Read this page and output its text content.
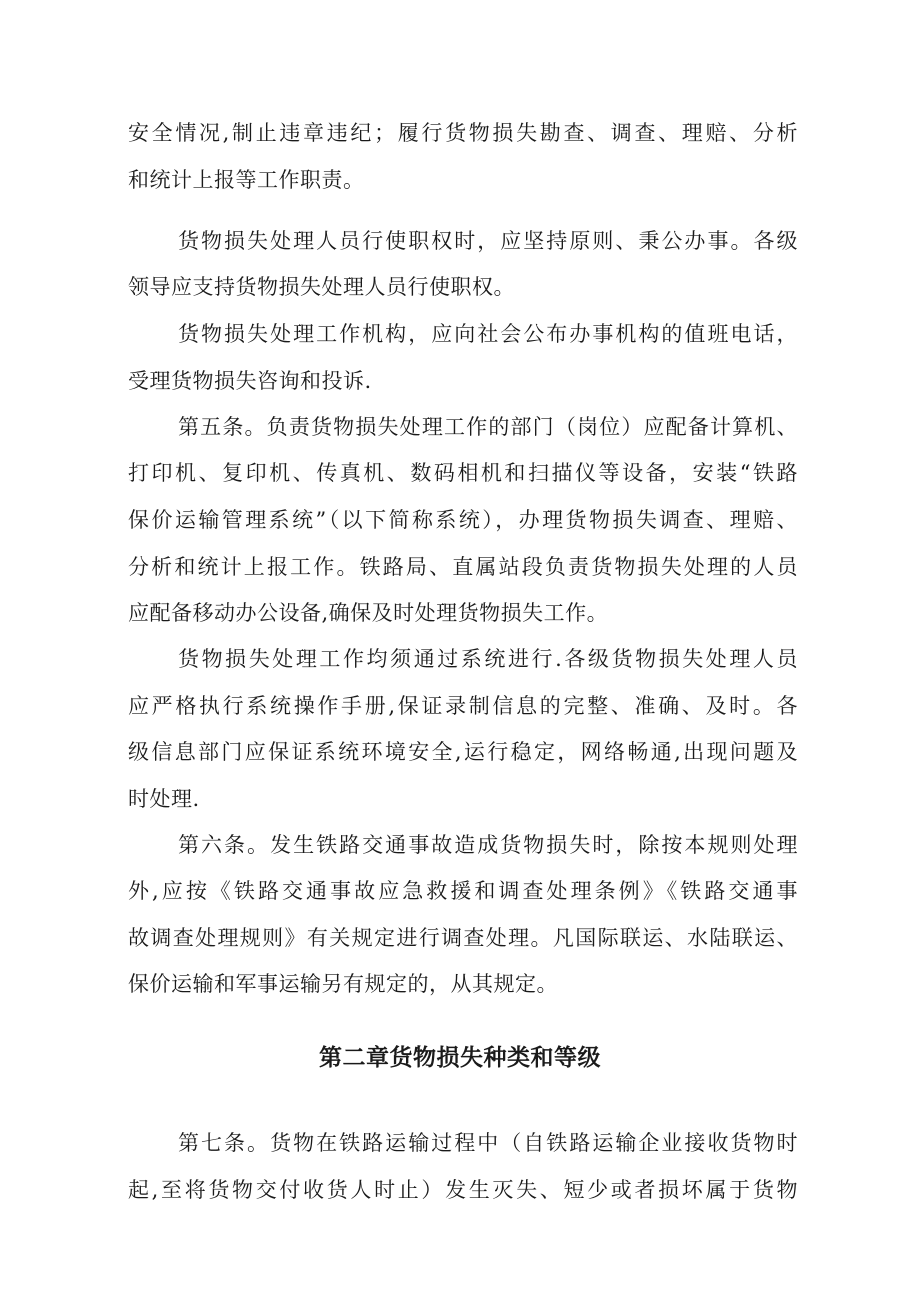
安全情况,制止违章违纪；履行货物损失勘查、调查、理赔、分析
和统计上报等工作职责。
货物损失处理人员行使职权时，应坚持原则、秉公办事。各级
领导应支持货物损失处理人员行使职权。
货物损失处理工作机构，应向社会公布办事机构的值班电话，
受理货物损失咨询和投诉.
第五条。负责货物损失处理工作的部门（岗位）应配备计算机、
打印机、复印机、传真机、数码相机和扫描仪等设备，安装“铁路
保价运输管理系统”（以下简称系统），办理货物损失调查、理赔、
分析和统计上报工作。铁路局、直属站段负责货物损失处理的人员
应配备移动办公设备,确保及时处理货物损失工作。
货物损失处理工作均须通过系统进行.各级货物损失处理人员
应严格执行系统操作手册,保证录制信息的完整、准确、及时。各
级信息部门应保证系统环境安全,运行稳定，网络畅通,出现问题及
时处理.
第六条。发生铁路交通事故造成货物损失时，除按本规则处理
外,应按《铁路交通事故应急救援和调查处理条例》《铁路交通事
故调查处理规则》有关规定进行调查处理。凡国际联运、水陆联运、
保价运输和军事运输另有规定的，从其规定。
第二章货物损失种类和等级
第七条。货物在铁路运输过程中（自铁路运输企业接收货物时
起,至将货物交付收货人时止）发生灭失、短少或者损坏属于货物
